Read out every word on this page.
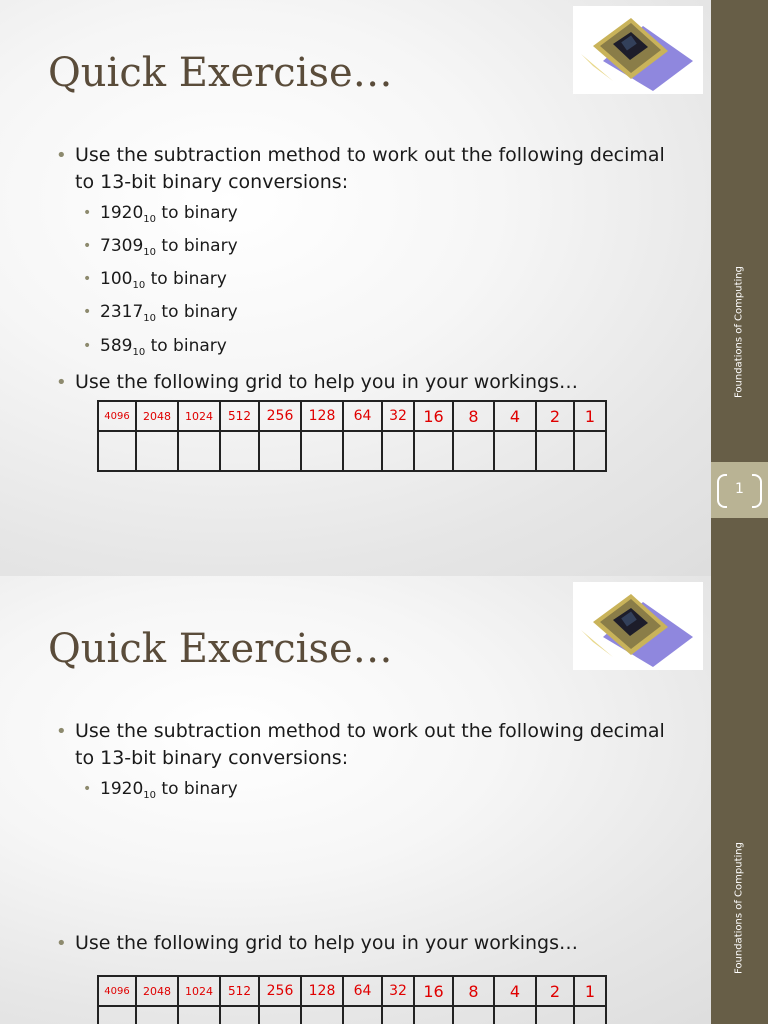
Quick Exercise…
• Use the subtraction method to work out the following decimal
to 13-bit binary conversions:
• $1920_{10}$ to binary
• $7309_{10}$ to binary
• $100_{10}$ to binary
• $2317_{10}$ to binary
• $589_{10}$ to binary
• Use the following grid to help you in your workings…
4096	2048	1024	512	256	128	64	32	16	8	4	2	1

Foundations of Computing
1
Quick Exercise…
• Use the subtraction method to work out the following decimal
to 13-bit binary conversions:
• $1920_{10}$ to binary
• Use the following grid to help you in your workings…
4096	2048	1024	512	256	128	64	32	16	8	4	2	1

Foundations of Computing
